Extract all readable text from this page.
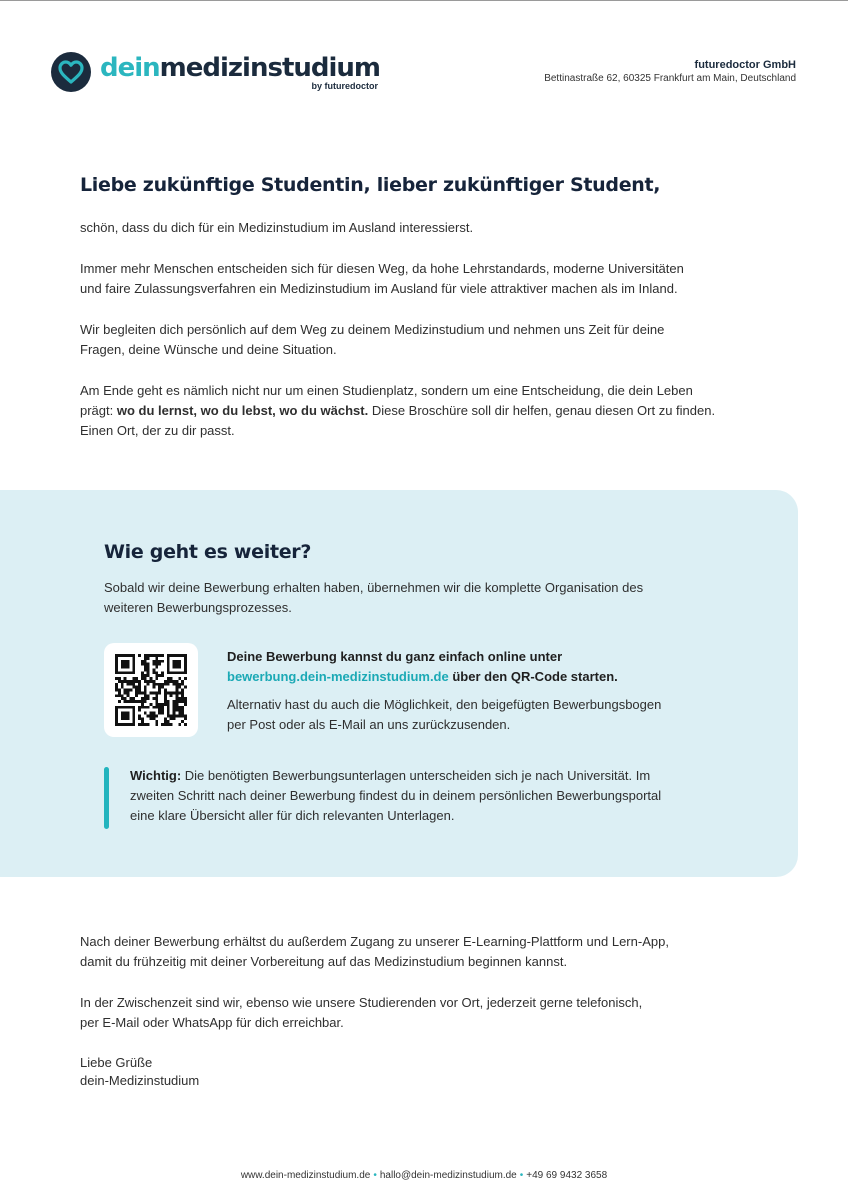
deinmedizinstudium
by futuredoctor
futuredoctor GmbH
Bettinastraße 62, 60325 Frankfurt am Main, Deutschland
Liebe zukünftige Studentin, lieber zukünftiger Student,

schön, dass du dich für ein Medizinstudium im Ausland interessierst.

Immer mehr Menschen entscheiden sich für diesen Weg, da hohe Lehrstandards, moderne Universitäten
und faire Zulassungsverfahren ein Medizinstudium im Ausland für viele attraktiver machen als im Inland.

Wir begleiten dich persönlich auf dem Weg zu deinem Medizinstudium und nehmen uns Zeit für deine
Fragen, deine Wünsche und deine Situation.

Am Ende geht es nämlich nicht nur um einen Studienplatz, sondern um eine Entscheidung, die dein Leben
prägt: wo du lernst, wo du lebst, wo du wächst. Diese Broschüre soll dir helfen, genau diesen Ort zu finden.
Einen Ort, der zu dir passt.

Wie geht es weiter?

Sobald wir deine Bewerbung erhalten haben, übernehmen wir die komplette Organisation des
weiteren Bewerbungsprozesses.

Deine Bewerbung kannst du ganz einfach online unter
bewerbung.dein-medizinstudium.de über den QR-Code starten.

Alternativ hast du auch die Möglichkeit, den beigefügten Bewerbungsbogen
per Post oder als E-Mail an uns zurückzusenden.

Wichtig: Die benötigten Bewerbungsunterlagen unterscheiden sich je nach Universität. Im
zweiten Schritt nach deiner Bewerbung findest du in deinem persönlichen Bewerbungsportal
eine klare Übersicht aller für dich relevanten Unterlagen.

Nach deiner Bewerbung erhältst du außerdem Zugang zu unserer E-Learning-Plattform und Lern-App,
damit du frühzeitig mit deiner Vorbereitung auf das Medizinstudium beginnen kannst.

In der Zwischenzeit sind wir, ebenso wie unsere Studierenden vor Ort, jederzeit gerne telefonisch,
per E-Mail oder WhatsApp für dich erreichbar.

Liebe Grüße
dein-Medizinstudium

www.dein-medizinstudium.de • hallo@dein-medizinstudium.de • +49 69 9432 3658
